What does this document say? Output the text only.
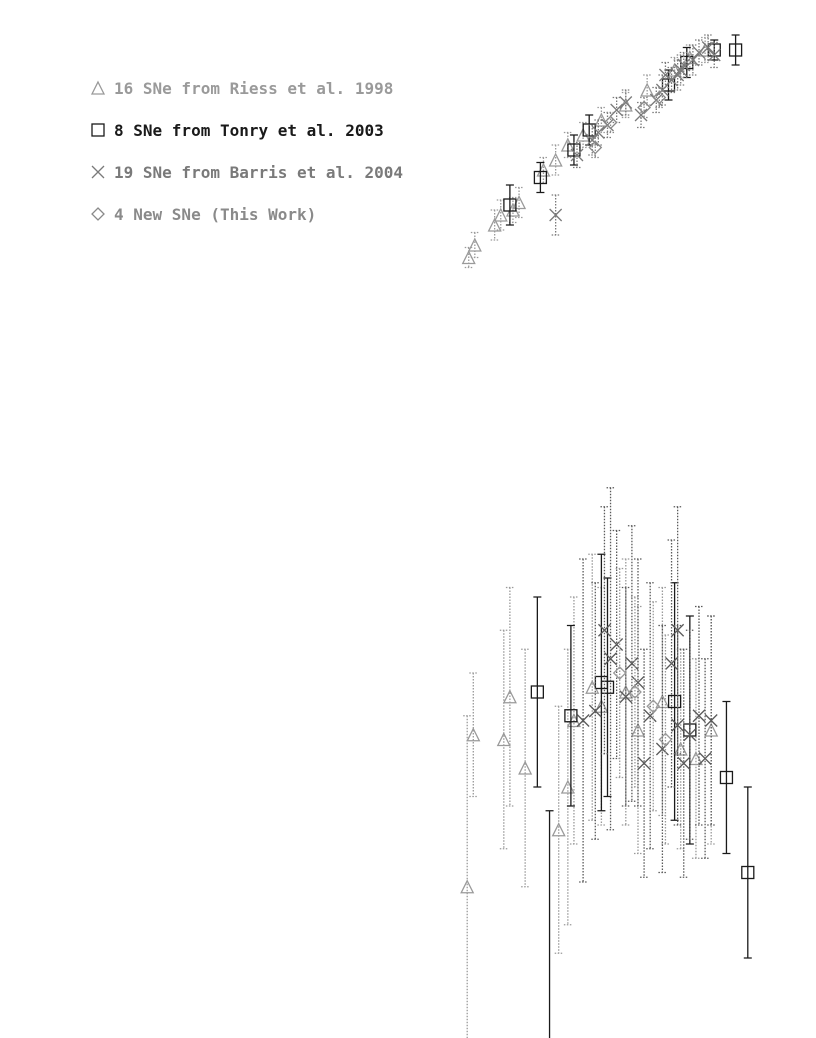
16 SNe from Riess et al. 1998
8 SNe from Tonry et al. 2003
19 SNe from Barris et al. 2004
4 New SNe (This Work)
